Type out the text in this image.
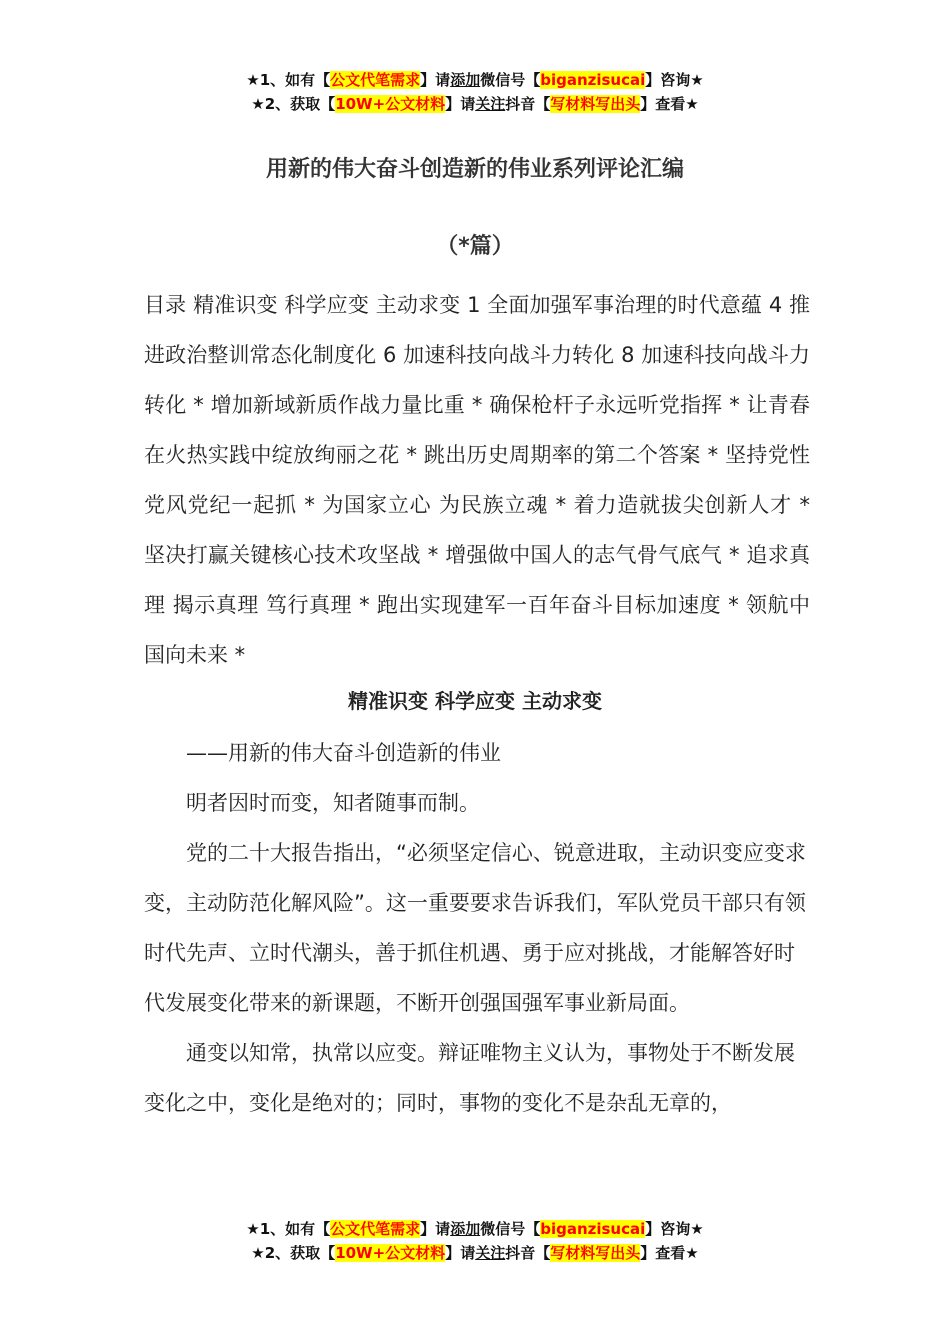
★1、如有【公文代笔需求】请添加微信号【biganzisucai】咨询★
★2、获取【10W+公文材料】请关注抖音【写材料写出头】查看★
用新的伟大奋斗创造新的伟业系列评论汇编
（*篇）
目录 精准识变 科学应变 主动求变 1 全面加强军事治理的时代意蕴 4 推进政治整训常态化制度化 6 加速科技向战斗力转化 8 加速科技向战斗力转化 * 增加新域新质作战力量比重 * 确保枪杆子永远听党指挥 * 让青春在火热实践中绽放绚丽之花 * 跳出历史周期率的第二个答案 * 坚持党性党风党纪一起抓 * 为国家立心 为民族立魂 * 着力造就拔尖创新人才 * 坚决打赢关键核心技术攻坚战 * 增强做中国人的志气骨气底气 * 追求真理 揭示真理 笃行真理 * 跑出实现建军一百年奋斗目标加速度 * 领航中国向未来 *
精准识变 科学应变 主动求变

——用新的伟大奋斗创造新的伟业

明者因时而变，知者随事而制。

党的二十大报告指出，“必须坚定信心、锐意进取，主动识变应变求变，主动防范化解风险”。这一重要要求告诉我们，军队党员干部只有领时代先声、立时代潮头，善于抓住机遇、勇于应对挑战，才能解答好时代发展变化带来的新课题，不断开创强国强军事业新局面。

通变以知常，执常以应变。辩证唯物主义认为，事物处于不断发展变化之中，变化是绝对的；同时，事物的变化不是杂乱无章的，

★1、如有【公文代笔需求】请添加微信号【biganzisucai】咨询★
★2、获取【10W+公文材料】请关注抖音【写材料写出头】查看★
